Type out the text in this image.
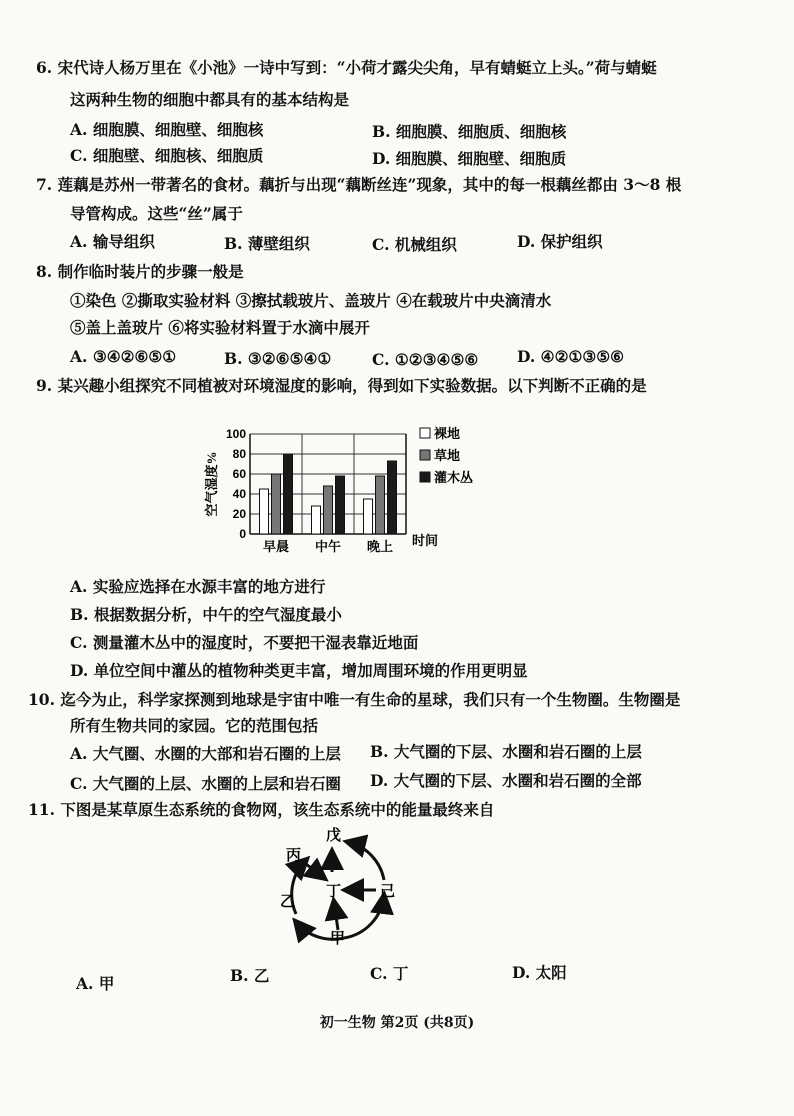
6. 宋代诗人杨万里在《小池》一诗中写到：“小荷才露尖尖角，早有蜻蜓立上头。”荷与蜻蜓
这两种生物的细胞中都具有的基本结构是
A. 细胞膜、细胞壁、细胞核	B. 细胞膜、细胞质、细胞核
C. 细胞壁、细胞核、细胞质	D. 细胞膜、细胞壁、细胞质
7. 莲藕是苏州一带著名的食材。藕折与出现“藕断丝连”现象，其中的每一根藕丝都由 3～8 根
导管构成。这些“丝”属于
A. 输导组织	B. 薄壁组织	C. 机械组织	D. 保护组织
8. 制作临时装片的步骤一般是
①染色 ②撕取实验材料 ③擦拭载玻片、盖玻片 ④在载玻片中央滴清水
⑤盖上盖玻片 ⑥将实验材料置于水滴中展开
A. ③④②⑥⑤①	B. ③②⑥⑤④①	C. ①②③④⑤⑥	D. ④②①③⑤⑥
9. 某兴趣小组探究不同植被对环境湿度的影响，得到如下实验数据。以下判断不正确的是
0
20
40
60
80
100
早晨 中午 晚上
空气湿度%
时间
裸地
草地
灌木丛
A. 实验应选择在水源丰富的地方进行
B. 根据数据分析，中午的空气湿度最小
C. 测量灌木丛中的湿度时，不要把干湿表靠近地面
D. 单位空间中灌丛的植物种类更丰富，增加周围环境的作用更明显
10. 迄今为止，科学家探测到地球是宇宙中唯一有生命的星球，我们只有一个生物圈。生物圈是
所有生物共同的家园。它的范围包括
A. 大气圈、水圈的大部和岩石圈的上层 B. 大气圈的下层、水圈和岩石圈的上层
C. 大气圈的上层、水圈的上层和岩石圈 D. 大气圈的下层、水圈和岩石圈的全部
11. 下图是某草原生态系统的食物网，该生态系统中的能量最终来自
戊
丙
丁	己
乙
甲
A. 甲	B. 乙	C. 丁	D. 太阳
初一生物 第2页 (共8页)
